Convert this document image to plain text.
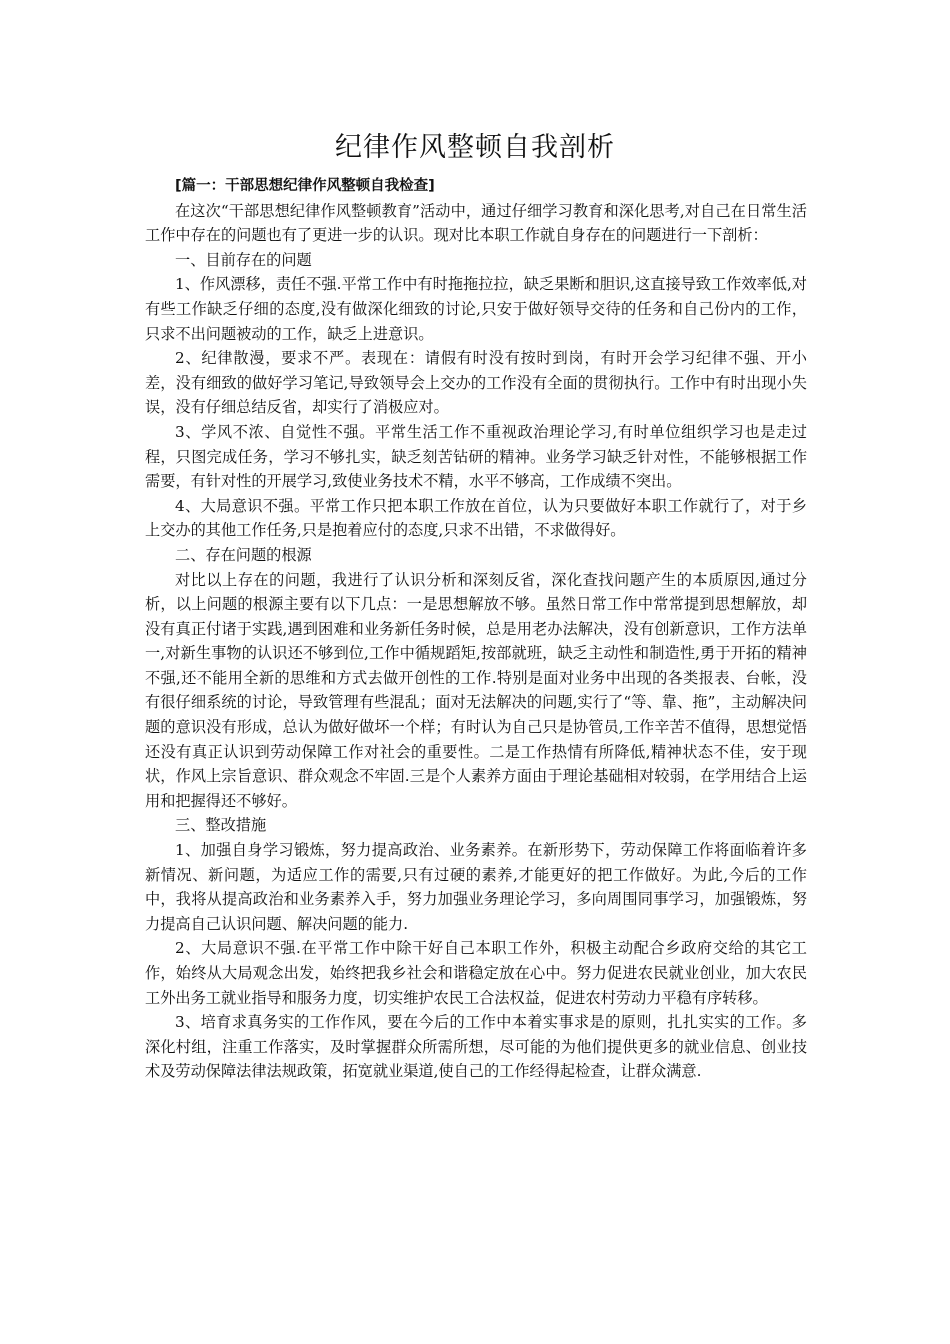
纪律作风整顿自我剖析

[篇一：干部思想纪律作风整顿自我检查]

在这次“干部思想纪律作风整顿教育”活动中，通过仔细学习教育和深化思考,对自己在日常生活工作中存在的问题也有了更进一步的认识。现对比本职工作就自身存在的问题进行一下剖析：

一、目前存在的问题

1、作风漂移，责任不强.平常工作中有时拖拖拉拉，缺乏果断和胆识,这直接导致工作效率低,对有些工作缺乏仔细的态度,没有做深化细致的讨论,只安于做好领导交待的任务和自己份内的工作，只求不出问题被动的工作，缺乏上进意识。

2、纪律散漫，要求不严。表现在：请假有时没有按时到岗，有时开会学习纪律不强、开小差，没有细致的做好学习笔记,导致领导会上交办的工作没有全面的贯彻执行。工作中有时出现小失误，没有仔细总结反省，却实行了消极应对。

3、学风不浓、自觉性不强。平常生活工作不重视政治理论学习,有时单位组织学习也是走过程，只图完成任务，学习不够扎实，缺乏刻苦钻研的精神。业务学习缺乏针对性，不能够根据工作需要，有针对性的开展学习,致使业务技术不精，水平不够高，工作成绩不突出。

4、大局意识不强。平常工作只把本职工作放在首位，认为只要做好本职工作就行了，对于乡上交办的其他工作任务,只是抱着应付的态度,只求不出错，不求做得好。

二、存在问题的根源

对比以上存在的问题，我进行了认识分析和深刻反省，深化查找问题产生的本质原因,通过分析，以上问题的根源主要有以下几点：一是思想解放不够。虽然日常工作中常常提到思想解放，却没有真正付诸于实践,遇到困难和业务新任务时候，总是用老办法解决，没有创新意识，工作方法单一,对新生事物的认识还不够到位,工作中循规蹈矩,按部就班，缺乏主动性和制造性,勇于开拓的精神不强,还不能用全新的思维和方式去做开创性的工作.特别是面对业务中出现的各类报表、台帐，没有很仔细系统的讨论，导致管理有些混乱；面对无法解决的问题,实行了“等、靠、拖”，主动解决问题的意识没有形成，总认为做好做坏一个样；有时认为自己只是协管员,工作辛苦不值得，思想觉悟还没有真正认识到劳动保障工作对社会的重要性。二是工作热情有所降低,精神状态不佳，安于现状，作风上宗旨意识、群众观念不牢固.三是个人素养方面由于理论基础相对较弱，在学用结合上运用和把握得还不够好。

三、整改措施

1、加强自身学习锻炼，努力提高政治、业务素养。在新形势下，劳动保障工作将面临着许多新情况、新问题，为适应工作的需要,只有过硬的素养,才能更好的把工作做好。为此,今后的工作中，我将从提高政治和业务素养入手，努力加强业务理论学习，多向周围同事学习，加强锻炼，努力提高自己认识问题、解决问题的能力.

2、大局意识不强.在平常工作中除干好自己本职工作外，积极主动配合乡政府交给的其它工作，始终从大局观念出发，始终把我乡社会和谐稳定放在心中。努力促进农民就业创业，加大农民工外出务工就业指导和服务力度，切实维护农民工合法权益，促进农村劳动力平稳有序转移。

3、培育求真务实的工作作风，要在今后的工作中本着实事求是的原则，扎扎实实的工作。多深化村组，注重工作落实，及时掌握群众所需所想，尽可能的为他们提供更多的就业信息、创业技术及劳动保障法律法规政策，拓宽就业渠道,使自己的工作经得起检查，让群众满意.
